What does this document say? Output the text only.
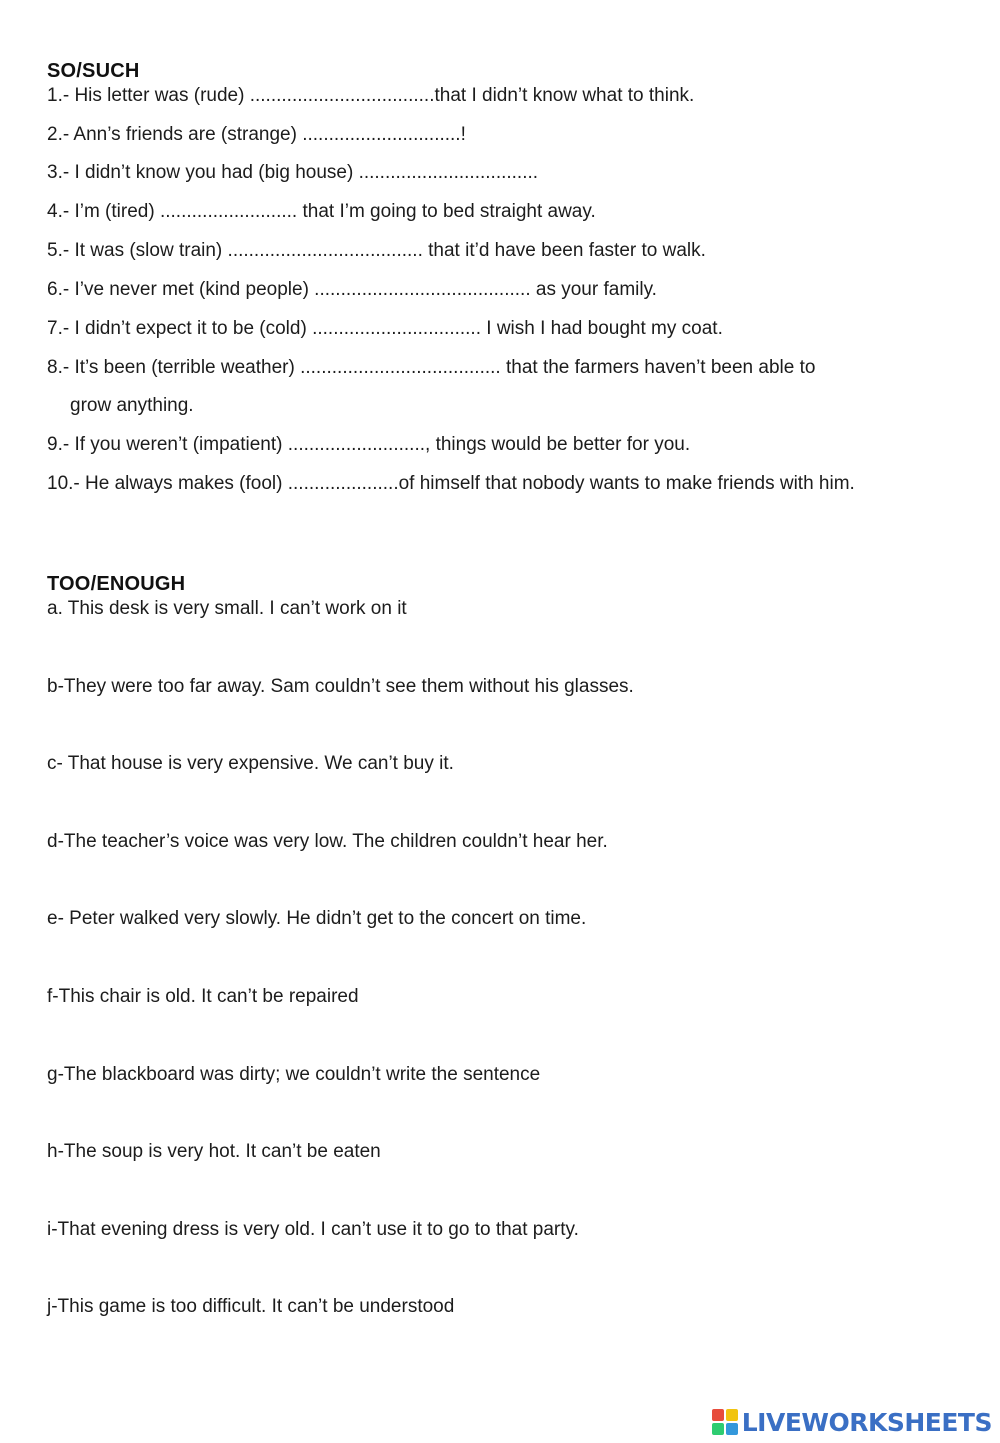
SO/SUCH
1.- His letter was (rude) ...................................that I didn’t know what to think.
2.- Ann’s friends are (strange) ..............................!
3.- I didn’t know you had (big house) ..................................
4.- I’m (tired) .......................... that I’m going to bed straight away.
5.- It was (slow train) ..................................... that it’d have been faster to walk.
6.- I’ve never met (kind people) ......................................... as your family.
7.- I didn’t expect it to be (cold) ................................ I wish I had bought my coat.
8.- It’s been (terrible weather) ...................................... that the farmers haven’t been able to
grow anything.
9.- If you weren’t (impatient) .........................., things would be better for you.
10.- He always makes (fool) .....................of himself that nobody wants to make friends with him.
TOO/ENOUGH
a. This desk is very small. I can’t work on it
b-They were too far away. Sam couldn’t see them without his glasses.
c- That house is very expensive. We can’t buy it.
d-The teacher’s voice was very low. The children couldn’t hear her.
e- Peter walked very slowly. He didn’t get to the concert on time.
f-This chair is old. It can’t be repaired
g-The blackboard was dirty; we couldn’t write the sentence
h-The soup is very hot. It can’t be eaten
i-That evening dress is very old. I can’t use it to go to that party.
j-This game is too difficult. It can’t be understood
LIVEWORKSHEETS
